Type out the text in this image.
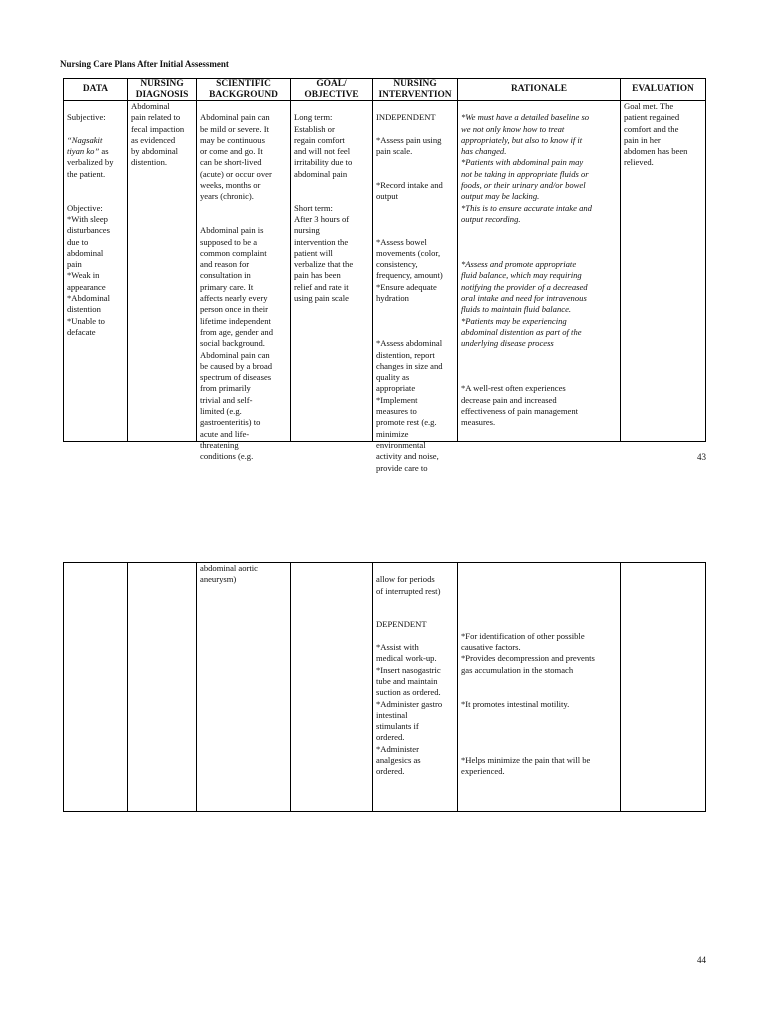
Nursing Care Plans After Initial Assessment
DATA
NURSING
DIAGNOSIS
SCIENTIFIC
BACKGROUND
GOAL/
OBJECTIVE
NURSING
INTERVENTION
RATIONALE	EVALUATION

Subjective:

“Nagsakit
tiyan ko” as
verbalized by
the patient.

Objective:
*With sleep
disturbances
due to
abdominal
pain
*Weak in
appearance
*Abdominal
distention
*Unable to
defacate

Abdominal
pain related to
fecal impaction
as evidenced
by abdominal
distention.

Abdominal pain can
be mild or severe. It
may be continuous
or come and go. It
can be short-lived
(acute) or occur over
weeks, months or
years (chronic).

Abdominal pain is
supposed to be a
common complaint
and reason for
consultation in
primary care. It
affects nearly every
person once in their
lifetime independent
from age, gender and
social background.
Abdominal pain can
be caused by a broad
spectrum of diseases
from primarily
trivial and self-
limited (e.g.
gastroenteritis) to
acute and life-
threatening
conditions (e.g.

Long term:
Establish or
regain comfort
and will not feel
irritability due to
abdominal pain

Short term:
After 3 hours of
nursing
intervention the
patient will
verbalize that the
pain has been
relief and rate it
using pain scale

INDEPENDENT

*Assess pain using
pain scale.

*Record intake and
output

*Assess bowel
movements (color,
consistency,
frequency, amount)
*Ensure adequate
hydration

*Assess abdominal
distention, report
changes in size and
quality as
appropriate
*Implement
measures to
promote rest (e.g.
minimize
environmental
activity and noise,
provide care to

*We must have a detailed baseline so
we not only know how to treat
appropriately, but also to know if it
has changed.
*Patients with abdominal pain may
not be taking in appropriate fluids or
foods, or their urinary and/or bowel
output may be lacking.
*This is to ensure accurate intake and
output recording.

*Assess and promote appropriate
fluid balance, which may requiring
notifying the provider of a decreased
oral intake and need for intravenous
fluids to maintain fluid balance.
*Patients may be experiencing
abdominal distention as part of the
underlying disease process

*A well-rest often experiences
decrease pain and increased
effectiveness of pain management
measures.

Goal met. The
patient regained
comfort and the
pain in her
abdomen has been
relieved.
43
abdominal aortic
aneurysm)	allow for periods
of interrupted rest)

DEPENDENT

*Assist with
medical work-up.
*Insert nasogastric
tube and maintain
suction as ordered.
*Administer gastro
intestinal
stimulants if
ordered.
*Administer
analgesics as
ordered.

*For identification of other possible
causative factors.
*Provides decompression and prevents
gas accumulation in the stomach

*It promotes intestinal motility.

*Helps minimize the pain that will be
experienced.

44
